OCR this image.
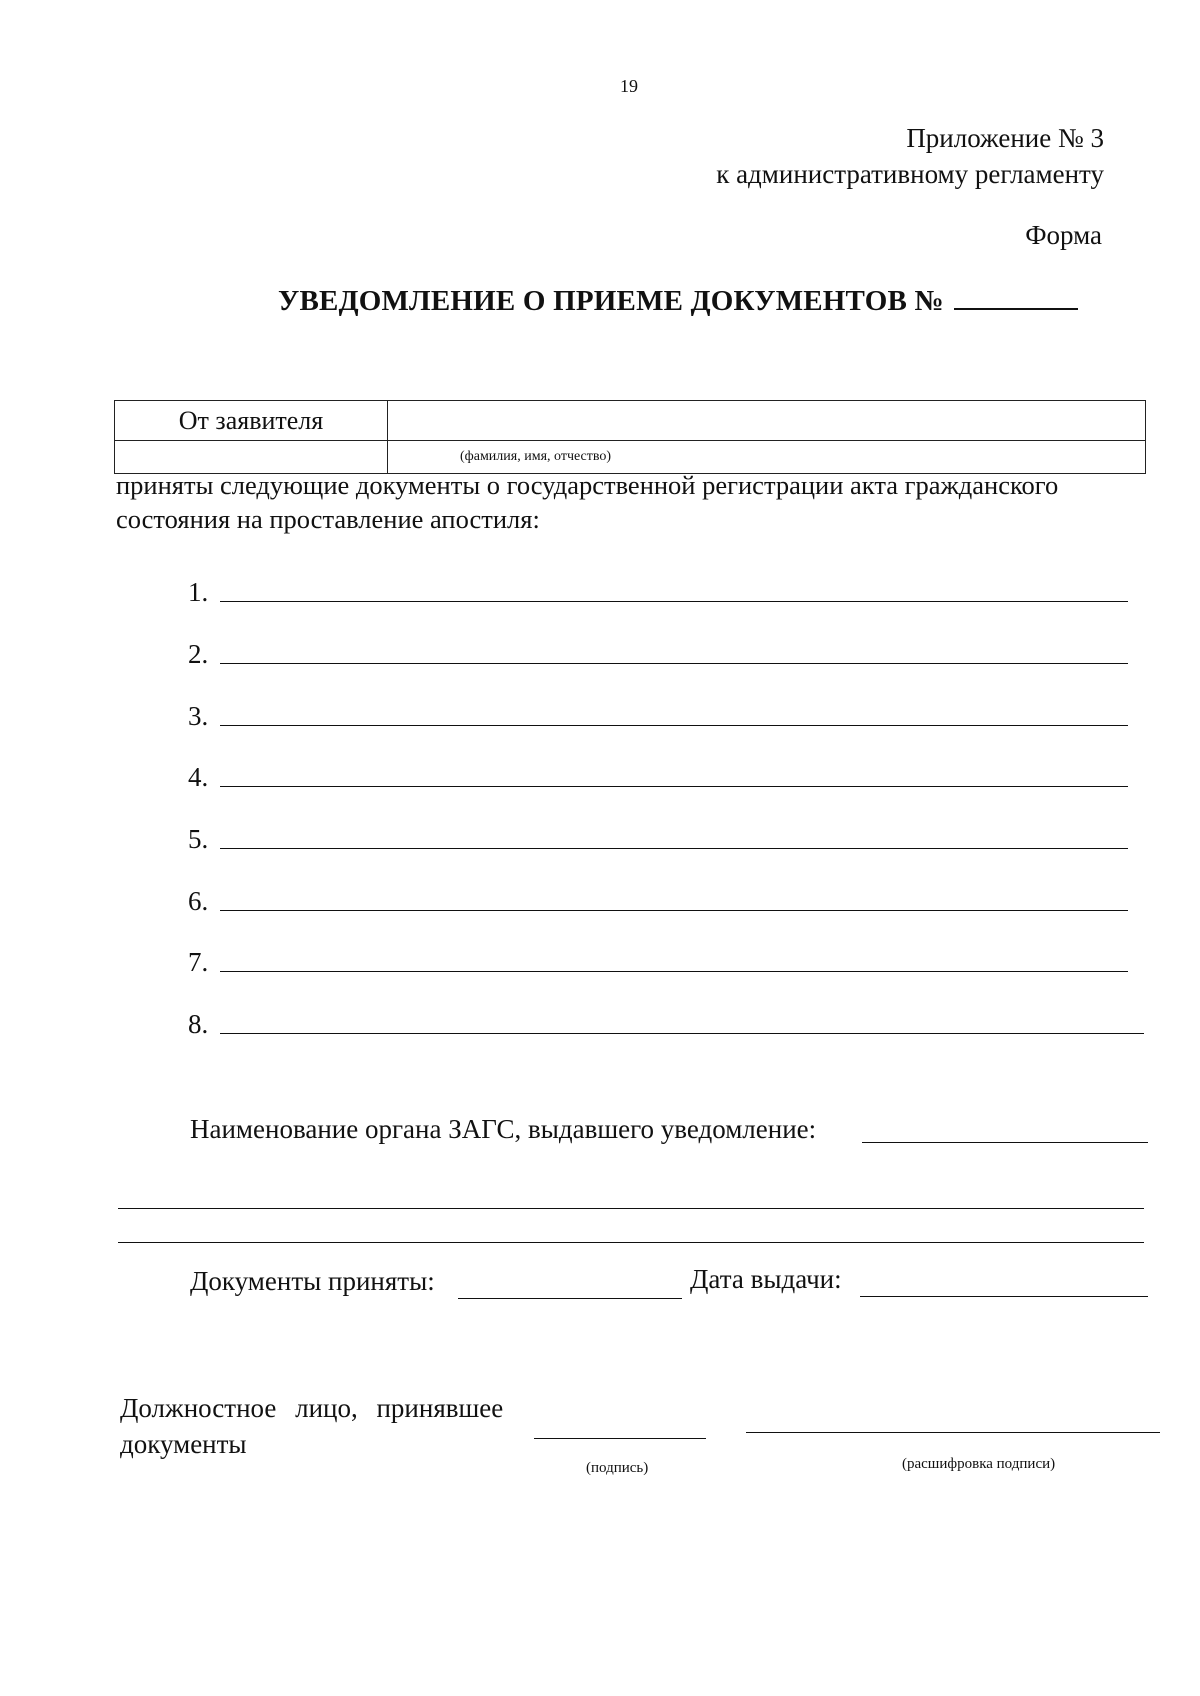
19
Приложение № 3
к административному регламенту
Форма
УВЕДОМЛЕНИЕ О ПРИЕМЕ ДОКУМЕНТОВ №
От заявителя	
	(фамилия, имя, отчество)
приняты следующие документы о государственной регистрации акта гражданского состояния на проставление апостиля:
1.
2.
3.
4.
5.
6.
7.
8.
Наименование органа ЗАГС, выдавшего уведомление:
Документы приняты:	Дата выдачи:
Должностное лицо, принявшее
документы
(подпись)	(расшифровка подписи)
